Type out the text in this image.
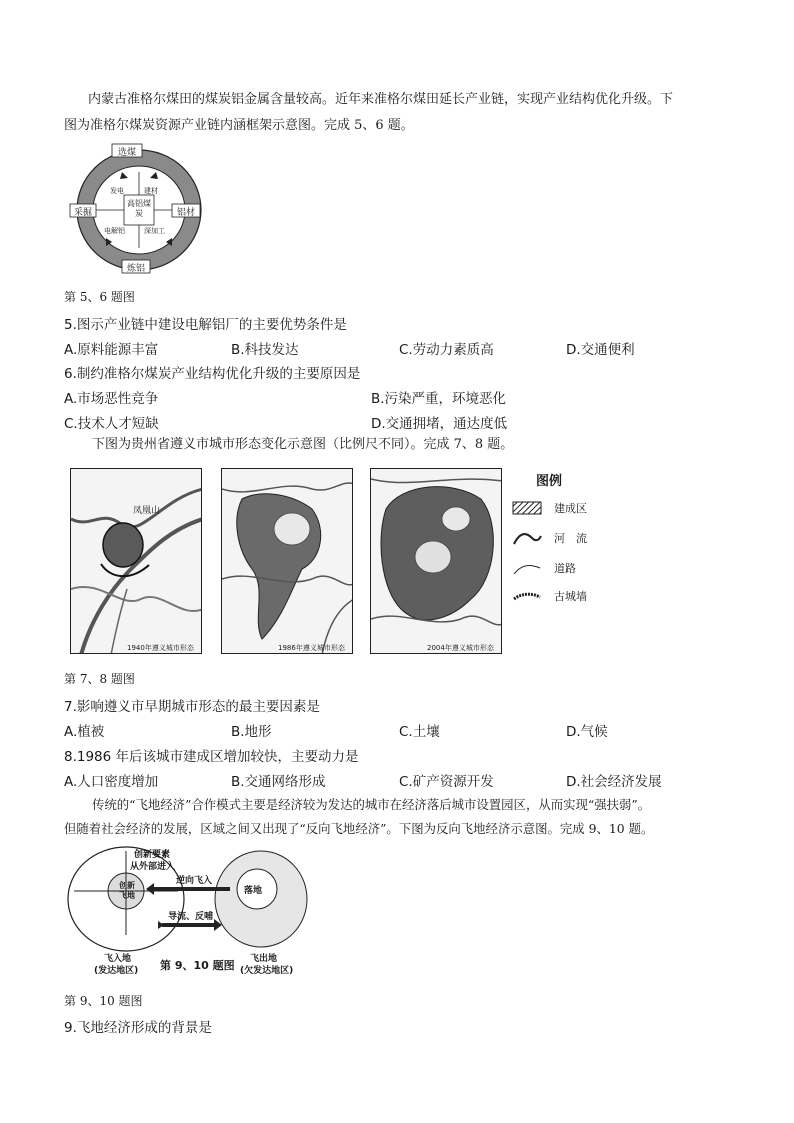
内蒙古准格尔煤田的煤炭铝金属含量较高。近年来准格尔煤田延长产业链，实现产业结构优化升级。下
图为准格尔煤炭资源产业链内涵框架示意图。完成 5、6 题。
选煤
采掘	铝材
炼铝
发电	建材
电解铝	深加工
高铝煤炭
第 5、6 题图
5.图示产业链中建设电解铝厂的主要优势条件是
A.原料能源丰富	B.科技发达	C.劳动力素质高	D.交通便利
6.制约准格尔煤炭产业结构优化升级的主要原因是
A.市场恶性竞争	B.污染严重，环境恶化
C.技术人才短缺	D.交通拥堵，通达度低
下图为贵州省遵义市城市形态变化示意图（比例尺不同）。完成 7、8 题。
凤凰山
1940年遵义城市形态	1986年遵义城市形态	2004年遵义城市形态
图例
建成区
河　流
道路
古城墙
第 7、8 题图
7.影响遵义市早期城市形态的最主要因素是
A.植被	B.地形	C.土壤	D.气候
8.1986 年后该城市建成区增加较快，主要动力是
A.人口密度增加	B.交通网络形成	C.矿产资源开发	D.社会经济发展
传统的“飞地经济”合作模式主要是经济较为发达的城市在经济落后城市设置园区，从而实现“强扶弱”。
但随着社会经济的发展，区域之间又出现了“反向飞地经济”。下图为反向飞地经济示意图。完成 9、10 题。
创新要素
从外部进入
创新飞地
逆向飞入
落地
导流、反哺
飞入地
(发达地区) 第 9、10 题图 飞出地
(欠发达地区)
第 9、10 题图
9.飞地经济形成的背景是
